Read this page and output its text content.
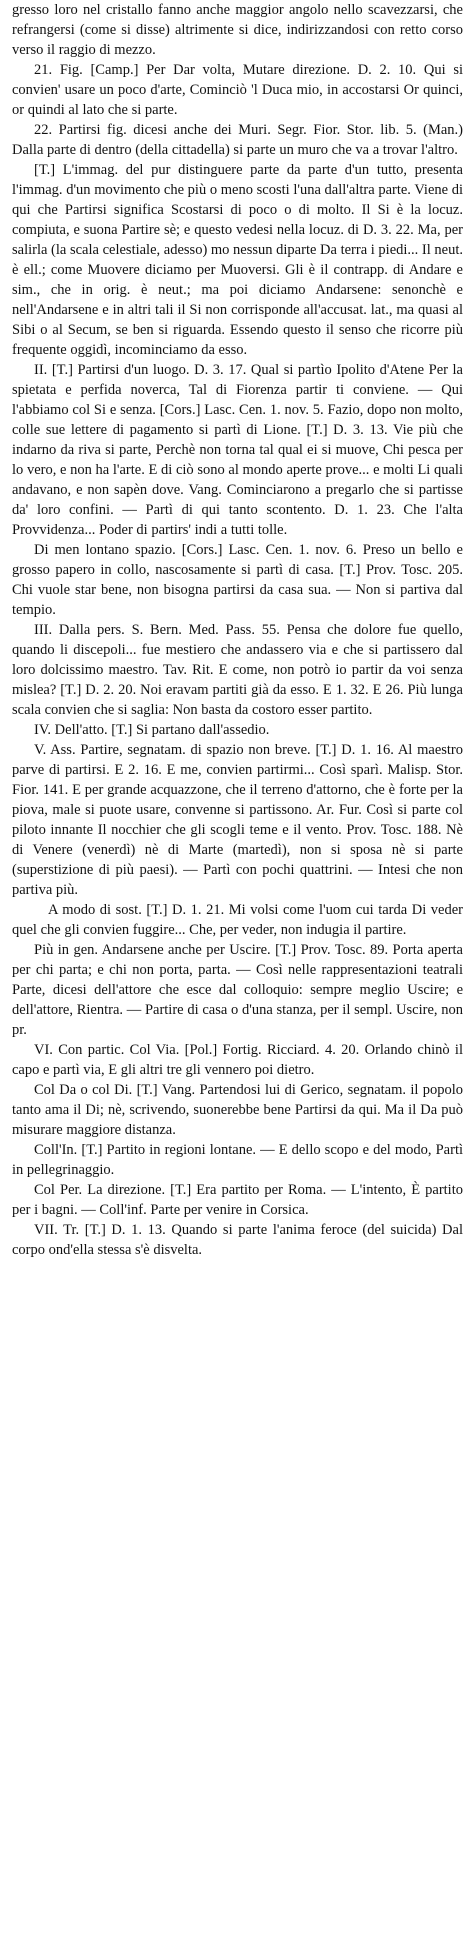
gresso loro nel cristallo fanno anche maggior angolo nello scavezzarsi, che refrangersi (come si disse) altrimente si dice, indirizzandosi con retto corso verso il raggio di mezzo.

21. Fig. [Camp.] Per Dar volta, Mutare direzione. D. 2. 10. Qui si convien' usare un poco d'arte, Cominciò 'l Duca mio, in accostarsi Or quinci, or quindi al lato che si parte.

22. Partirsi fig. dicesi anche dei Muri. Segr. Fior. Stor. lib. 5. (Man.) Dalla parte di dentro (della cittadella) si parte un muro che va a trovar l'altro.

[T.] L'immag. del pur distinguere parte da parte d'un tutto, presenta l'immag. d'un movimento che più o meno scosti l'una dall'altra parte. Viene di qui che Partirsi significa Scostarsi di poco o di molto. Il Si è la locuz. compiuta, e suona Partire sè; e questo vedesi nella locuz. di D. 3. 22. Ma, per salirla (la scala celestiale, adesso) mo nessun diparte Da terra i piedi... Il neut. è ell.; come Muovere diciamo per Muoversi. Gli è il contrapp. di Andare e sim., che in orig. è neut.; ma poi diciamo Andarsene: senonchè e nell'Andarsene e in altri tali il Si non corrisponde all'accusat. lat., ma quasi al Sibi o al Secum, se ben si riguarda. Essendo questo il senso che ricorre più frequente oggidì, incominciamo da esso.

II. [T.] Partirsi d'un luogo. D. 3. 17. Qual si partìo Ipolito d'Atene Per la spietata e perfida noverca, Tal di Fiorenza partir ti conviene. — Qui l'abbiamo col Si e senza. [Cors.] Lasc. Cen. 1. nov. 5. Fazio, dopo non molto, colle sue lettere di pagamento si partì di Lione. [T.] D. 3. 13. Vie più che indarno da riva si parte, Perchè non torna tal qual ei si muove, Chi pesca per lo vero, e non ha l'arte. E di ciò sono al mondo aperte prove... e molti Li quali andavano, e non sapèn dove. Vang. Cominciarono a pregarlo che si partisse da' loro confini. — Partì di qui tanto scontento. D. 1. 23. Che l'alta Provvidenza... Poder di partirs' indi a tutti tolle.

Di men lontano spazio. [Cors.] Lasc. Cen. 1. nov. 6. Preso un bello e grosso papero in collo, nascosamente si partì di casa. [T.] Prov. Tosc. 205. Chi vuole star bene, non bisogna partirsi da casa sua. — Non si partiva dal tempio.

III. Dalla pers. S. Bern. Med. Pass. 55. Pensa che dolore fue quello, quando li discepoli... fue mestiero che andassero via e che si partissero dal loro dolcissimo maestro. Tav. Rit. E come, non potrò io partir da voi senza mislea? [T.] D. 2. 20. Noi eravam partiti già da esso. E 1. 32. E 26. Più lunga scala convien che si saglia: Non basta da costoro esser partito.

IV. Dell'atto. [T.] Si partano dall'assedio.

V. Ass. Partire, segnatam. di spazio non breve. [T.] D. 1. 16. Al maestro parve di partirsi. E 2. 16. E me, convien partirmi... Così sparì. Malisp. Stor. Fior. 141. E per grande acquazzone, che il terreno d'attorno, che è forte per la piova, male si puote usare, convenne si partissono. Ar. Fur. Così si parte col piloto innante Il nocchier che gli scogli teme e il vento. Prov. Tosc. 188. Nè di Venere (venerdì) nè di Marte (martedì), non si sposa nè si parte (superstizione di più paesi). — Partì con pochi quattrini. — Intesi che non partiva più.

A modo di sost. [T.] D. 1. 21. Mi volsi come l'uom cui tarda Di veder quel che gli convien fuggire... Che, per veder, non indugia il partire.

Più in gen. Andarsene anche per Uscire. [T.] Prov. Tosc. 89. Porta aperta per chi parta; e chi non porta, parta. — Così nelle rappresentazioni teatrali Parte, dicesi dell'attore che esce dal colloquio: sempre meglio Uscire; e dell'attore, Rientra. — Partire di casa o d'una stanza, per il sempl. Uscire, non pr.

VI. Con partic. Col Via. [Pol.] Fortig. Ricciard. 4. 20. Orlando chinò il capo e partì via, E gli altri tre gli vennero poi dietro.

Col Da o col Di. [T.] Vang. Partendosi lui di Gerico, segnatam. il popolo tanto ama il Di; nè, scrivendo, suonerebbe bene Partirsi da qui. Ma il Da può misurare maggiore distanza.

Coll'In. [T.] Partito in regioni lontane. — E dello scopo e del modo, Partì in pellegrinaggio.

Col Per. La direzione. [T.] Era partito per Roma. — L'intento, È partito per i bagni. — Coll'inf. Parte per venire in Corsica.

VII. Tr. [T.] D. 1. 13. Quando si parte l'anima feroce (del suicida) Dal corpo ond'ella stessa s'è disvelta.
